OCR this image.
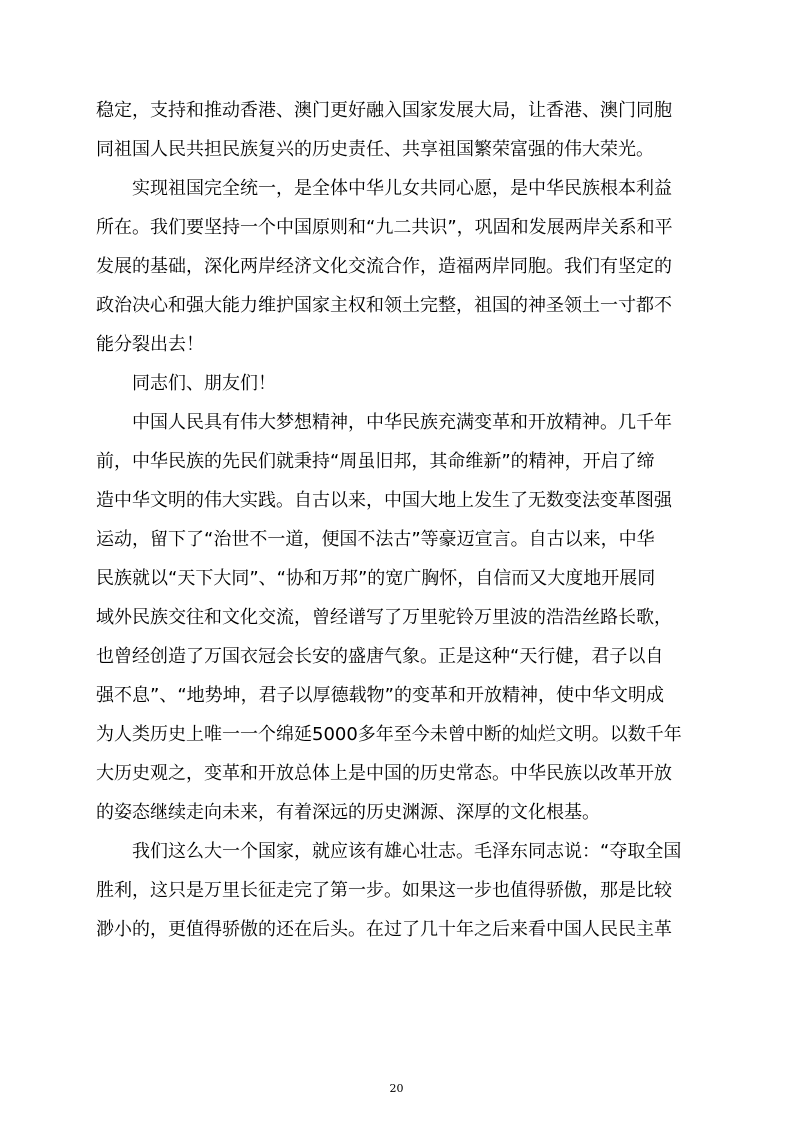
稳定，支持和推动香港、澳门更好融入国家发展大局，让香港、澳门同胞
同祖国人民共担民族复兴的历史责任、共享祖国繁荣富强的伟大荣光。
实现祖国完全统一，是全体中华儿女共同心愿，是中华民族根本利益
所在。我们要坚持一个中国原则和“九二共识”，巩固和发展两岸关系和平
发展的基础，深化两岸经济文化交流合作，造福两岸同胞。我们有坚定的
政治决心和强大能力维护国家主权和领土完整，祖国的神圣领土一寸都不
能分裂出去！
同志们、朋友们！
中国人民具有伟大梦想精神，中华民族充满变革和开放精神。几千年
前，中华民族的先民们就秉持“周虽旧邦，其命维新”的精神，开启了缔
造中华文明的伟大实践。自古以来，中国大地上发生了无数变法变革图强
运动，留下了“治世不一道，便国不法古”等豪迈宣言。自古以来，中华
民族就以“天下大同”、“协和万邦”的宽广胸怀，自信而又大度地开展同
域外民族交往和文化交流，曾经谱写了万里驼铃万里波的浩浩丝路长歌，
也曾经创造了万国衣冠会长安的盛唐气象。正是这种“天行健，君子以自
强不息”、“地势坤，君子以厚德载物”的变革和开放精神，使中华文明成
为人类历史上唯一一个绵延5000多年至今未曾中断的灿烂文明。以数千年
大历史观之，变革和开放总体上是中国的历史常态。中华民族以改革开放
的姿态继续走向未来，有着深远的历史渊源、深厚的文化根基。
我们这么大一个国家，就应该有雄心壮志。毛泽东同志说：“夺取全国
胜利，这只是万里长征走完了第一步。如果这一步也值得骄傲，那是比较
渺小的，更值得骄傲的还在后头。在过了几十年之后来看中国人民民主革
20
